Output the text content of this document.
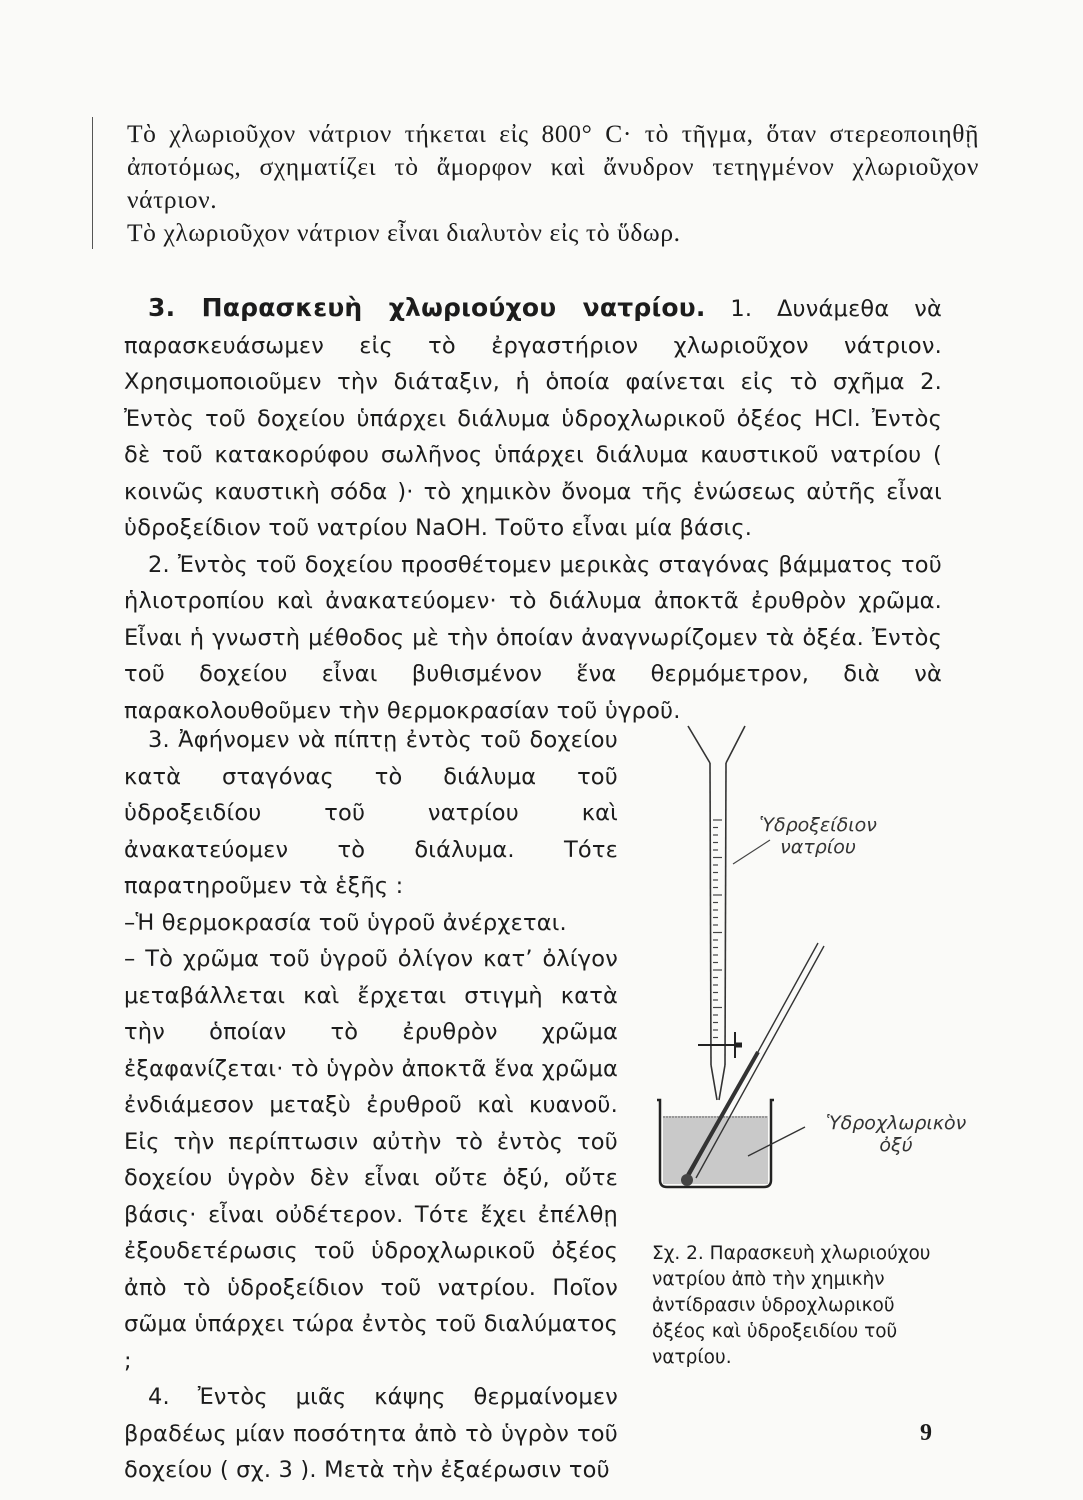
Τὸ χλωριοῦχον νάτριον τήκεται εἰς 800° C· τὸ τῆγμα, ὅταν στερεοποιηθῇ ἀποτόμως, σχηματίζει τὸ ἄμορφον καὶ ἄνυδρον τετηγμένον χλωριοῦχον νάτριον.

Τὸ χλωριοῦχον νάτριον εἶναι διαλυτὸν εἰς τὸ ὕδωρ.

3. Παρασκευὴ χλωριούχου νατρίου. 1. Δυνάμεθα νὰ παρασκευάσωμεν εἰς τὸ ἐργαστήριον χλωριοῦχον νάτριον. Χρησιμοποιοῦμεν τὴν διάταξιν, ἡ ὁποία φαίνεται εἰς τὸ σχῆμα 2. Ἐντὸς τοῦ δοχείου ὑπάρχει διάλυμα ὑδροχλωρικοῦ ὀξέος HCl. Ἐντὸς δὲ τοῦ κατακορύφου σωλῆνος ὑπάρχει διάλυμα καυστικοῦ νατρίου ( κοινῶς καυστικὴ σόδα )· τὸ χημικὸν ὄνομα τῆς ἑνώσεως αὐτῆς εἶναι ὑδροξείδιον τοῦ νατρίου NaOH. Τοῦτο εἶναι μία βάσις.

2. Ἐντὸς τοῦ δοχείου προσθέτομεν μερικὰς σταγόνας βάμματος τοῦ ἡλιοτροπίου καὶ ἀνακατεύομεν· τὸ διάλυμα ἀποκτᾶ ἐρυθρὸν χρῶμα. Εἶναι ἡ γνωστὴ μέθοδος μὲ τὴν ὁποίαν ἀναγνωρίζομεν τὰ ὀξέα. Ἐντὸς τοῦ δοχείου εἶναι βυθισμένον ἕνα θερμόμετρον, διὰ νὰ παρακολουθοῦμεν τὴν θερμοκρασίαν τοῦ ὑγροῦ.

3. Ἀφήνομεν νὰ πίπτῃ ἐντὸς τοῦ δοχείου κατὰ σταγόνας τὸ διάλυμα τοῦ ὑδροξειδίου τοῦ νατρίου καὶ ἀνακατεύομεν τὸ διάλυμα. Τότε παρατηροῦμεν τὰ ἑξῆς :

–Ἡ θερμοκρασία τοῦ ὑγροῦ ἀνέρχεται.

– Τὸ χρῶμα τοῦ ὑγροῦ ὀλίγον κατ’ ὀλίγον μεταβάλλεται καὶ ἔρχεται στιγμὴ κατὰ τὴν ὁποίαν τὸ ἐρυθρὸν χρῶμα ἐξαφανίζεται· τὸ ὑγρὸν ἀποκτᾶ ἕνα χρῶμα ἐνδιάμεσον μεταξὺ ἐρυθροῦ καὶ κυανοῦ. Εἰς τὴν περίπτωσιν αὐτὴν τὸ ἐντὸς τοῦ δοχείου ὑγρὸν δὲν εἶναι οὔτε ὀξύ, οὔτε βάσις· εἶναι οὐδέτερον. Τότε ἔχει ἐπέλθῃ ἐξουδετέρωσις τοῦ ὑδροχλωρικοῦ ὀξέος ἀπὸ τὸ ὑδροξείδιον τοῦ νατρίου. Ποῖον σῶμα ὑπάρχει τώρα ἐντὸς τοῦ διαλύματος ;

4. Ἐντὸς μιᾶς κάψης θερμαίνομεν βραδέως μίαν ποσότητα ἀπὸ τὸ ὑγρὸν τοῦ δοχείου ( σχ. 3 ). Μετὰ τὴν ἐξαέρωσιν τοῦ

Ὑδροξείδιον
νατρίου
Ὑδροχλωρικὸν
ὀξύ

Σχ. 2. Παρασκευὴ χλωριούχου νατρίου ἀπὸ τὴν χημικὴν ἀντίδρασιν ὑδροχλωρικοῦ ὀξέος καὶ ὑδροξειδίου τοῦ νατρίου.

9
